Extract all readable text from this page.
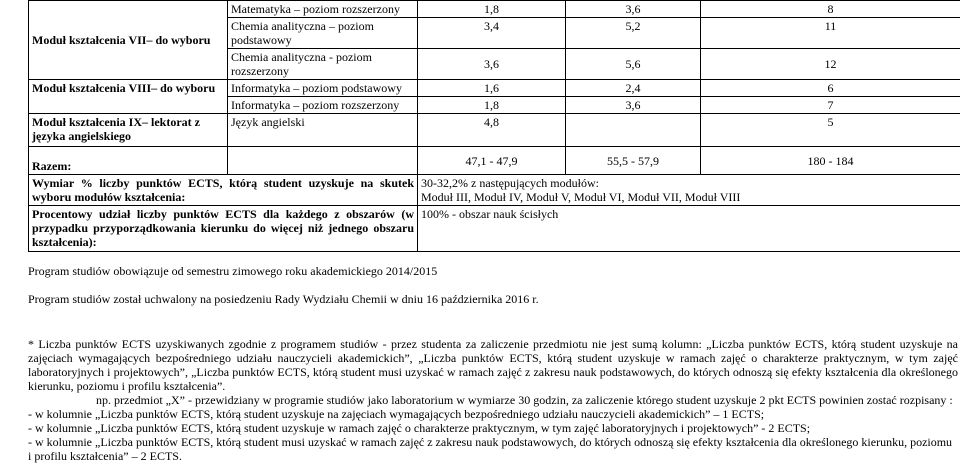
Moduł kształcenia VII– do wyboru	Matematyka – poziom rozszerzony	1,8	3,6	8
	Chemia analityczna – poziom podstawowy	3,4	5,2	11
	Chemia analityczna - poziom rozszerzony	3,6	5,6	12
Moduł kształcenia VIII– do wyboru	Informatyka – poziom podstawowy	1,6	2,4	6
	Informatyka – poziom rozszerzony	1,8	3,6	7
Moduł kształcenia IX– lektorat z języka angielskiego	Język angielski	4,8		5
Razem:		47,1 - 47,9	55,5 - 57,9	180 - 184
Wymiar % liczby punktów ECTS, którą student uzyskuje na skutek wyboru modułów kształcenia:		30-32,2% z następujących modułów:
Moduł III, Moduł IV, Moduł V, Moduł VI, Moduł VII, Moduł VIII		

Procentowy udział liczby punktów ECTS dla każdego z obszarów (w przypadku przyporządkowania kierunku do więcej niż jednego obszaru kształcenia):		100% - obszar nauk ścisłych		

Program studiów obowiązuje od semestru zimowego roku akademickiego 2014/2015

Program studiów został uchwalony na posiedzeniu Rady Wydziału Chemii w dniu 16 października 2016 r.

* Liczba punktów ECTS uzyskiwanych zgodnie z programem studiów - przez studenta za zaliczenie przedmiotu nie jest sumą kolumn: „Liczba punktów ECTS, którą student uzyskuje na zajęciach wymagających bezpośredniego udziału nauczycieli akademickich”, „Liczba punktów ECTS, którą student uzyskuje w ramach zajęć o charakterze praktycznym, w tym zajęć laboratoryjnych i projektowych”, „Liczba punktów ECTS, którą student musi uzyskać w ramach zajęć z zakresu nauk podstawowych, do których odnoszą się efekty kształcenia dla określonego kierunku, poziomu i profilu kształcenia”.

np. przedmiot „X” - przewidziany w programie studiów jako laboratorium w wymiarze 30 godzin, za zaliczenie którego student uzyskuje 2 pkt ECTS powinien zostać rozpisany :

- w kolumnie „Liczba punktów ECTS, którą student uzyskuje na zajęciach wymagających bezpośredniego udziału nauczycieli akademickich” – 1 ECTS;

- w kolumnie „Liczba punktów ECTS, którą student uzyskuje w ramach zajęć o charakterze praktycznym, w tym zajęć laboratoryjnych i projektowych” - 2 ECTS;

- w kolumnie „Liczba punktów ECTS, którą student musi uzyskać w ramach zajęć z zakresu nauk podstawowych, do których odnoszą się efekty kształcenia dla określonego kierunku, poziomu i profilu kształcenia” – 2 ECTS.
